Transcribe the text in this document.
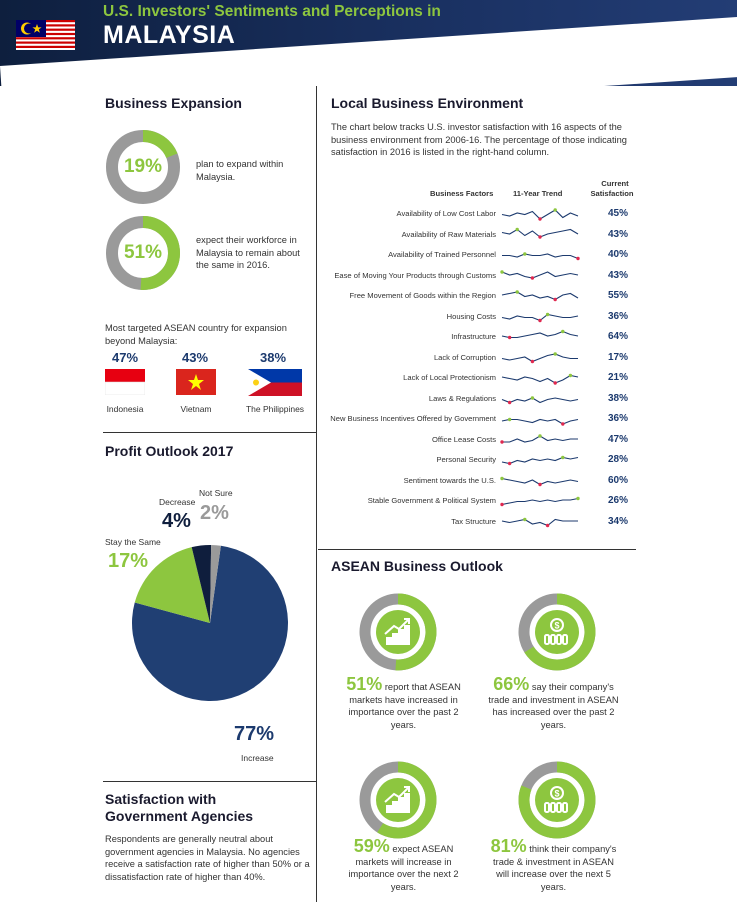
U.S. Investors' Sentiments and Perceptions in
MALAYSIA
Business Expansion
19%	plan to expand within Malaysia.
51%
expect their workforce in Malaysia to remain about the same in 2016.
Most targeted ASEAN country for expansion beyond Malaysia:
47%	43%	38%
Indonesia	Vietnam	The Philippines
Profit Outlook 2017
Decrease
4%
Not Sure
2%
Stay the Same
17%
77%
Increase
Satisfaction with
Government Agencies
Respondents are generally neutral about government agencies in Malaysia. No agencies receive a satisfaction rate of higher than 50% or a dissatisfaction rate of higher than 40%.
Local Business Environment
The chart below tracks U.S. investor satisfaction with 16 aspects of the business environment from 2006-16. The percentage of those indicating satisfaction in 2016 is listed in the right-hand column.
Business Factors	11-Year Trend
Current
Satisfaction
Availability of Low Cost Labor	45%
Availability of Raw Materials	43%
Availability of Trained Personnel	40%
Ease of Moving Your Products through Customs	43%
Free Movement of Goods within the Region	55%
Housing Costs	36%
Infrastructure	64%
Lack of Corruption	17%
Lack of Local Protectionism	21%
Laws & Regulations	38%
New Business Incentives Offered by Government	36%
Office Lease Costs	47%
Personal Security	28%
Sentiment towards the U.S.	60%
Stable Government & Political System	26%
Tax Structure	34%
ASEAN Business Outlook
51% report that ASEAN markets have increased in importance over the past 2 years.
$
66% say their company's trade and investment in ASEAN has increased over the past 2 years.
59% expect ASEAN markets will increase in importance over the next 2 years.
$
81% think their company's trade & investment in ASEAN will increase over the next 5 years.
